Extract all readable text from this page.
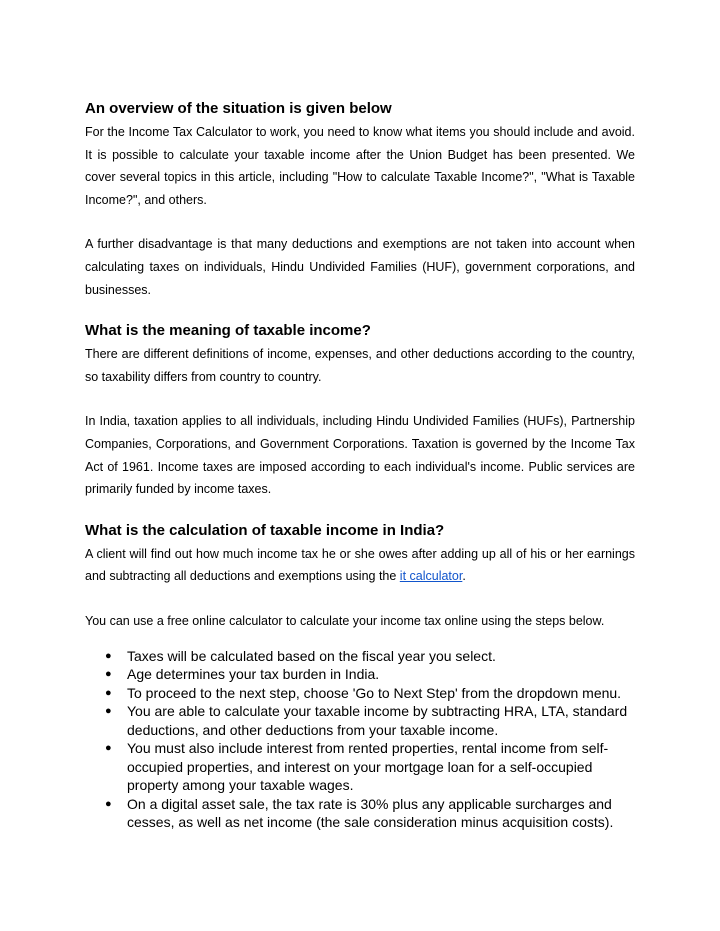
An overview of the situation is given below

For the Income Tax Calculator to work, you need to know what items you should include and avoid. It is possible to calculate your taxable income after the Union Budget has been presented. We cover several topics in this article, including "How to calculate Taxable Income?", "What is Taxable Income?", and others.

A further disadvantage is that many deductions and exemptions are not taken into account when calculating taxes on individuals, Hindu Undivided Families (HUF), government corporations, and businesses.

What is the meaning of taxable income?

There are different definitions of income, expenses, and other deductions according to the country, so taxability differs from country to country.

In India, taxation applies to all individuals, including Hindu Undivided Families (HUFs), Partnership Companies, Corporations, and Government Corporations. Taxation is governed by the Income Tax Act of 1961. Income taxes are imposed according to each individual's income. Public services are primarily funded by income taxes.

What is the calculation of taxable income in India?

A client will find out how much income tax he or she owes after adding up all of his or her earnings and subtracting all deductions and exemptions using the it calculator.

You can use a free online calculator to calculate your income tax online using the steps below.

● Taxes will be calculated based on the fiscal year you select.
● Age determines your tax burden in India.
● To proceed to the next step, choose 'Go to Next Step' from the dropdown menu.
● You are able to calculate your taxable income by subtracting HRA, LTA, standard deductions, and other deductions from your taxable income.
● You must also include interest from rented properties, rental income from self-occupied properties, and interest on your mortgage loan for a self-occupied property among your taxable wages.
● On a digital asset sale, the tax rate is 30% plus any applicable surcharges and cesses, as well as net income (the sale consideration minus acquisition costs).
